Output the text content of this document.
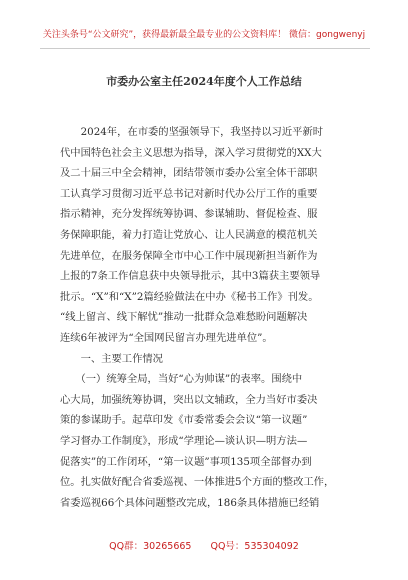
关注头条号“公文研究”，获得最新最全最专业的公文资料库！ 微信：gongwenyj
市委办公室主任2024年度个人工作总结
　　2024年，在市委的坚强领导下，我坚持以习近平新时
代中国特色社会主义思想为指导，深入学习贯彻党的XX大
及二十届三中全会精神，团结带领市委办公室全体干部职
工认真学习贯彻习近平总书记对新时代办公厅工作的重要
指示精神，充分发挥统筹协调、参谋辅助、督促检查、服
务保障职能，着力打造让党放心、让人民满意的模范机关
先进单位，在服务保障全市中心工作中展现新担当新作为
上报的7条工作信息获中央领导批示，其中3篇获主要领导
批示。“X”和“X”2篇经验做法在中办《秘书工作》刊发。
“线上留言、线下解忧”推动一批群众急难愁盼问题解决
连续6年被评为“全国网民留言办理先进单位”。
　　一、主要工作情况
　　（一）统筹全局，当好“心为帅谋”的表率。围绕中
心大局，加强统筹协调，突出以文辅政，全力当好市委决
策的参谋助手。起草印发《市委常委会会议“第一议题”
学习督办工作制度》，形成“学理论—谈认识—明方法—
促落实”的工作闭环，“第一议题”事项135项全部督办到
位。扎实做好配合省委巡视、一体推进5个方面的整改工作，
省委巡视66个具体问题整改完成，186条具体措施已经销
QQ群：30265665　　QQ号：535304092
